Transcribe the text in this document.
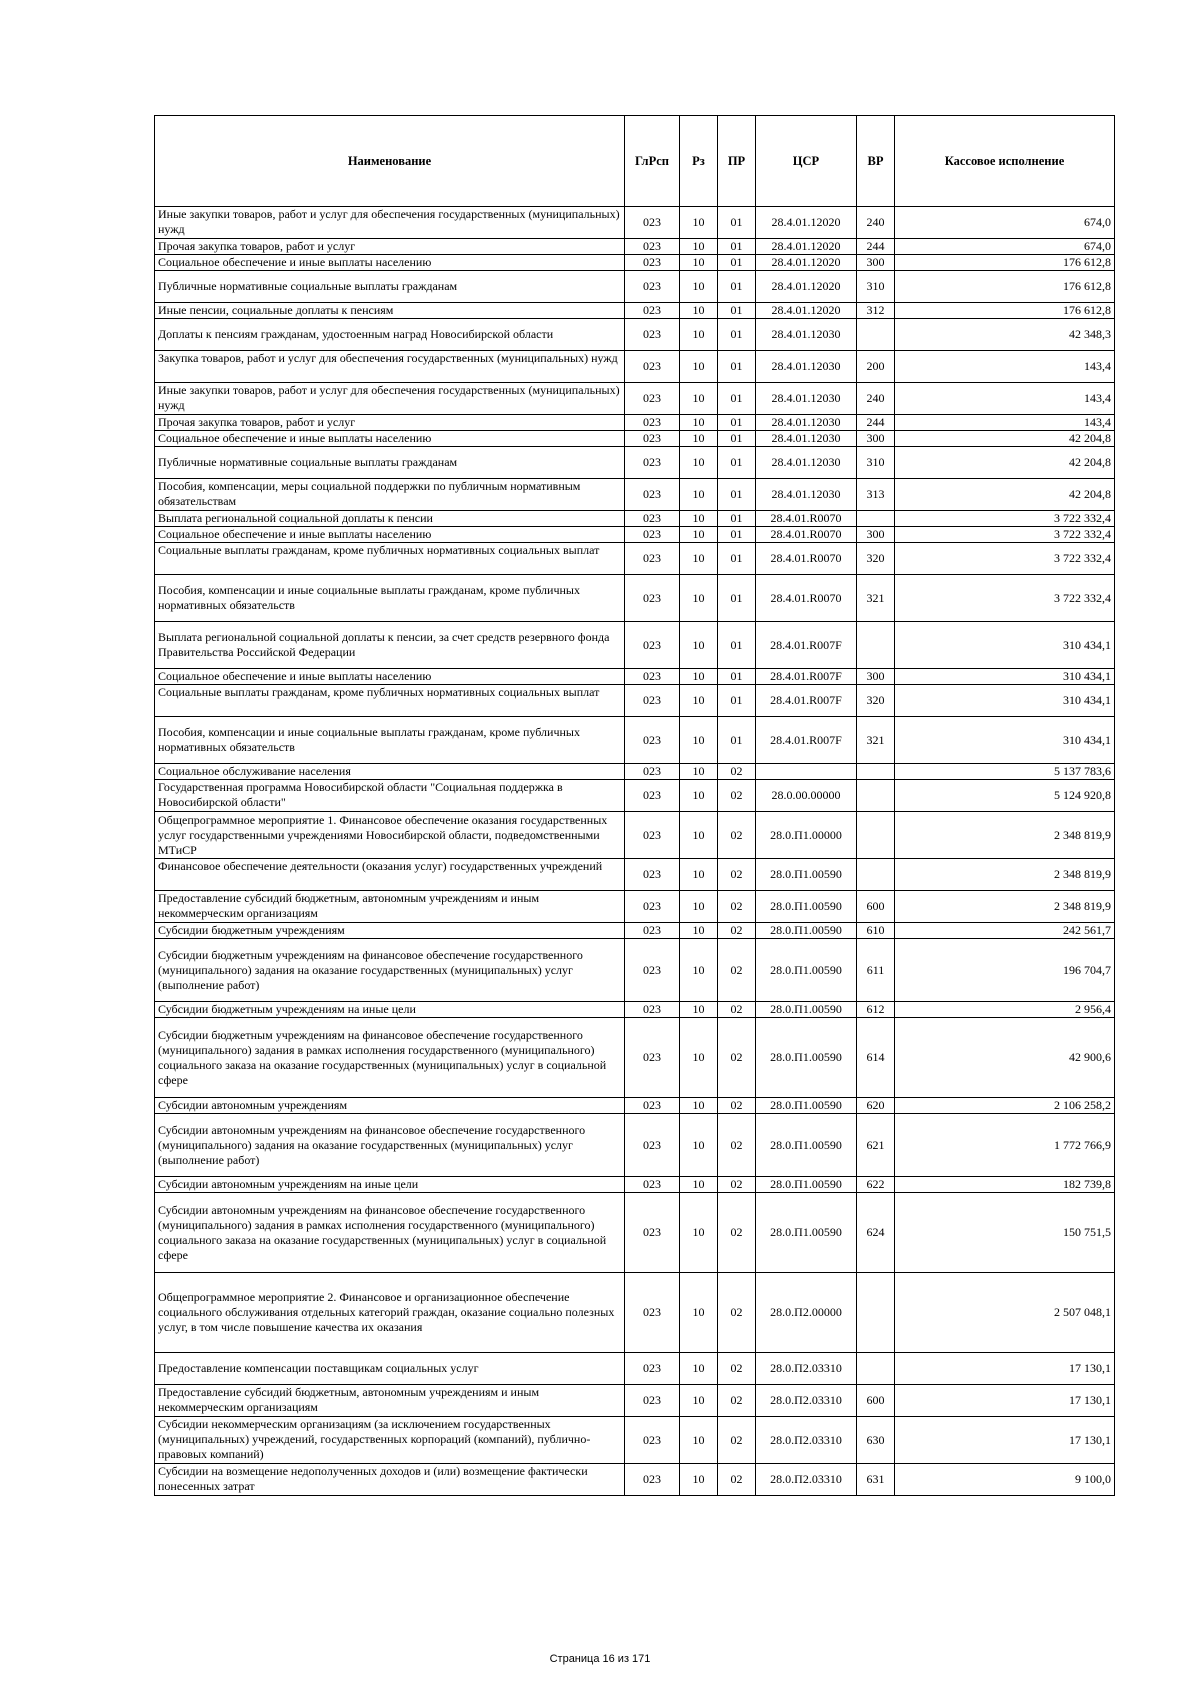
Наименование	ГлРсп	Рз	ПР	ЦСР	ВР	Кассовое исполнение
Иные закупки товаров, работ и услуг для обеспечения государственных (муниципальных) нужд	023	10	01	28.4.01.12020	240	674,0
Прочая закупка товаров, работ и услуг	023	10	01	28.4.01.12020	244	674,0
Социальное обеспечение и иные выплаты населению	023	10	01	28.4.01.12020	300	176 612,8
Публичные нормативные социальные выплаты гражданам	023	10	01	28.4.01.12020	310	176 612,8
Иные пенсии, социальные доплаты к пенсиям	023	10	01	28.4.01.12020	312	176 612,8
Доплаты к пенсиям гражданам, удостоенным наград Новосибирской области	023	10	01	28.4.01.12030		42 348,3
Закупка товаров, работ и услуг для обеспечения государственных (муниципальных) нужд	023	10	01	28.4.01.12030	200	143,4
Иные закупки товаров, работ и услуг для обеспечения государственных (муниципальных) нужд	023	10	01	28.4.01.12030	240	143,4
Прочая закупка товаров, работ и услуг	023	10	01	28.4.01.12030	244	143,4
Социальное обеспечение и иные выплаты населению	023	10	01	28.4.01.12030	300	42 204,8
Публичные нормативные социальные выплаты гражданам	023	10	01	28.4.01.12030	310	42 204,8
Пособия, компенсации, меры социальной поддержки по публичным нормативным обязательствам	023	10	01	28.4.01.12030	313	42 204,8
Выплата региональной социальной доплаты к пенсии	023	10	01	28.4.01.R0070		3 722 332,4
Социальное обеспечение и иные выплаты населению	023	10	01	28.4.01.R0070	300	3 722 332,4
Социальные выплаты гражданам, кроме публичных нормативных социальных выплат	023	10	01	28.4.01.R0070	320	3 722 332,4
Пособия, компенсации и иные социальные выплаты гражданам, кроме публичных нормативных обязательств	023	10	01	28.4.01.R0070	321	3 722 332,4
Выплата региональной социальной доплаты к пенсии, за счет средств резервного фонда Правительства Российской Федерации	023	10	01	28.4.01.R007F		310 434,1
Социальное обеспечение и иные выплаты населению	023	10	01	28.4.01.R007F	300	310 434,1
Социальные выплаты гражданам, кроме публичных нормативных социальных выплат	023	10	01	28.4.01.R007F	320	310 434,1
Пособия, компенсации и иные социальные выплаты гражданам, кроме публичных нормативных обязательств	023	10	01	28.4.01.R007F	321	310 434,1
Социальное обслуживание населения	023	10	02			5 137 783,6
Государственная программа Новосибирской области "Социальная поддержка в Новосибирской области"	023	10	02	28.0.00.00000		5 124 920,8
Общепрограммное мероприятие 1. Финансовое обеспечение оказания государственных услуг государственными учреждениями Новосибирской области, подведомственными МТиСР	023	10	02	28.0.П1.00000		2 348 819,9
Финансовое обеспечение деятельности (оказания услуг) государственных учреждений	023	10	02	28.0.П1.00590		2 348 819,9
Предоставление субсидий бюджетным, автономным учреждениям и иным некоммерческим организациям	023	10	02	28.0.П1.00590	600	2 348 819,9
Субсидии бюджетным учреждениям	023	10	02	28.0.П1.00590	610	242 561,7
Субсидии бюджетным учреждениям на финансовое обеспечение государственного (муниципального) задания на оказание государственных (муниципальных) услуг (выполнение работ)	023	10	02	28.0.П1.00590	611	196 704,7
Субсидии бюджетным учреждениям на иные цели	023	10	02	28.0.П1.00590	612	2 956,4
Субсидии бюджетным учреждениям на финансовое обеспечение государственного (муниципального) задания в рамках исполнения государственного (муниципального) социального заказа на оказание государственных (муниципальных) услуг в социальной сфере	023	10	02	28.0.П1.00590	614	42 900,6
Субсидии автономным учреждениям	023	10	02	28.0.П1.00590	620	2 106 258,2
Субсидии автономным учреждениям на финансовое обеспечение государственного (муниципального) задания на оказание государственных (муниципальных) услуг (выполнение работ)	023	10	02	28.0.П1.00590	621	1 772 766,9
Субсидии автономным учреждениям на иные цели	023	10	02	28.0.П1.00590	622	182 739,8
Субсидии автономным учреждениям на финансовое обеспечение государственного (муниципального) задания в рамках исполнения государственного (муниципального) социального заказа на оказание государственных (муниципальных) услуг в социальной сфере	023	10	02	28.0.П1.00590	624	150 751,5
Общепрограммное мероприятие 2. Финансовое и организационное обеспечение социального обслуживания отдельных категорий граждан, оказание социально полезных услуг, в том числе повышение качества их оказания	023	10	02	28.0.П2.00000		2 507 048,1
Предоставление компенсации поставщикам социальных услуг	023	10	02	28.0.П2.03310		17 130,1
Предоставление субсидий бюджетным, автономным учреждениям и иным некоммерческим организациям	023	10	02	28.0.П2.03310	600	17 130,1
Субсидии некоммерческим организациям (за исключением государственных (муниципальных) учреждений, государственных корпораций (компаний), публично-правовых компаний)	023	10	02	28.0.П2.03310	630	17 130,1
Субсидии на возмещение недополученных доходов и (или) возмещение фактически понесенных затрат	023	10	02	28.0.П2.03310	631	9 100,0
Страница 16 из 171
